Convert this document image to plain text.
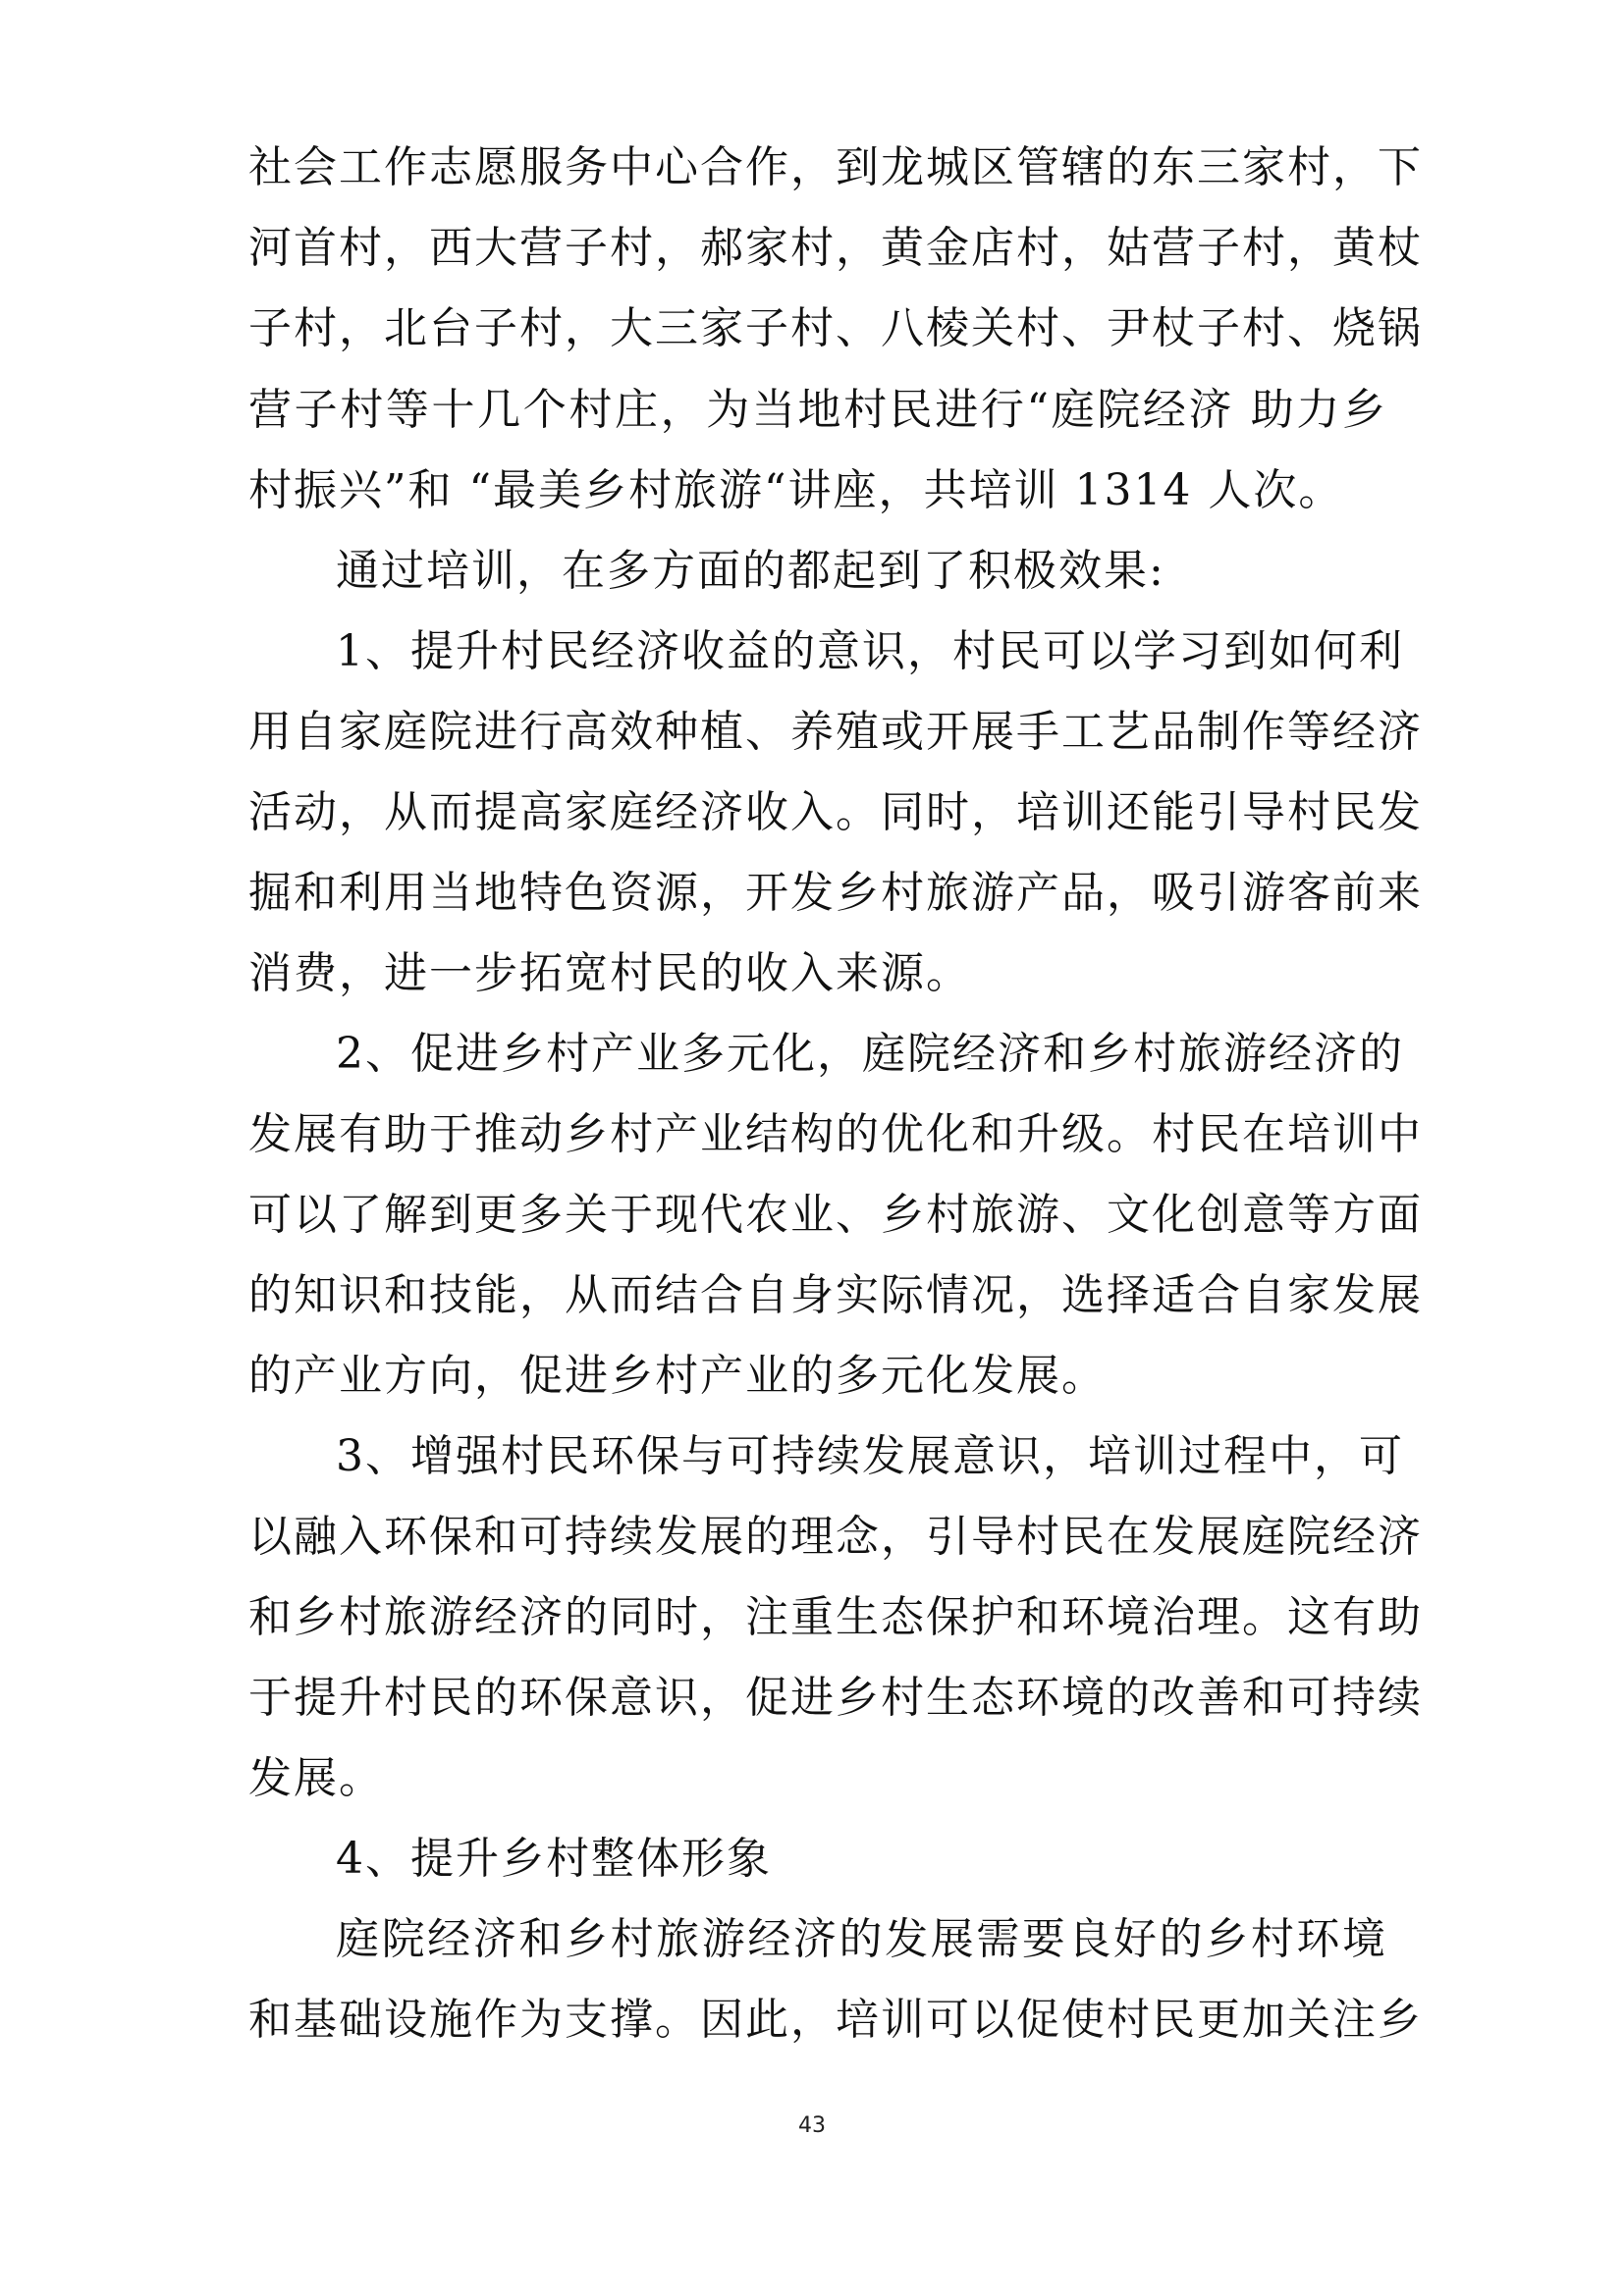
社会工作志愿服务中心合作，到龙城区管辖的东三家村，下
河首村，西大营子村，郝家村，黄金店村，姑营子村，黄杖
子村，北台子村，大三家子村、八棱关村、尹杖子村、烧锅
营子村等十几个村庄，为当地村民进行“庭院经济 助力乡
村振兴”和 “最美乡村旅游“讲座，共培训 1314 人次。
通过培训，在多方面的都起到了积极效果:
1、提升村民经济收益的意识，村民可以学习到如何利
用自家庭院进行高效种植、养殖或开展手工艺品制作等经济
活动，从而提高家庭经济收入。同时，培训还能引导村民发
掘和利用当地特色资源，开发乡村旅游产品，吸引游客前来
消费，进一步拓宽村民的收入来源。
2、促进乡村产业多元化，庭院经济和乡村旅游经济的
发展有助于推动乡村产业结构的优化和升级。村民在培训中
可以了解到更多关于现代农业、乡村旅游、文化创意等方面
的知识和技能，从而结合自身实际情况，选择适合自家发展
的产业方向，促进乡村产业的多元化发展。
3、增强村民环保与可持续发展意识，培训过程中，可
以融入环保和可持续发展的理念，引导村民在发展庭院经济
和乡村旅游经济的同时，注重生态保护和环境治理。这有助
于提升村民的环保意识，促进乡村生态环境的改善和可持续
发展。
4、提升乡村整体形象
庭院经济和乡村旅游经济的发展需要良好的乡村环境
和基础设施作为支撑。因此，培训可以促使村民更加关注乡
43
